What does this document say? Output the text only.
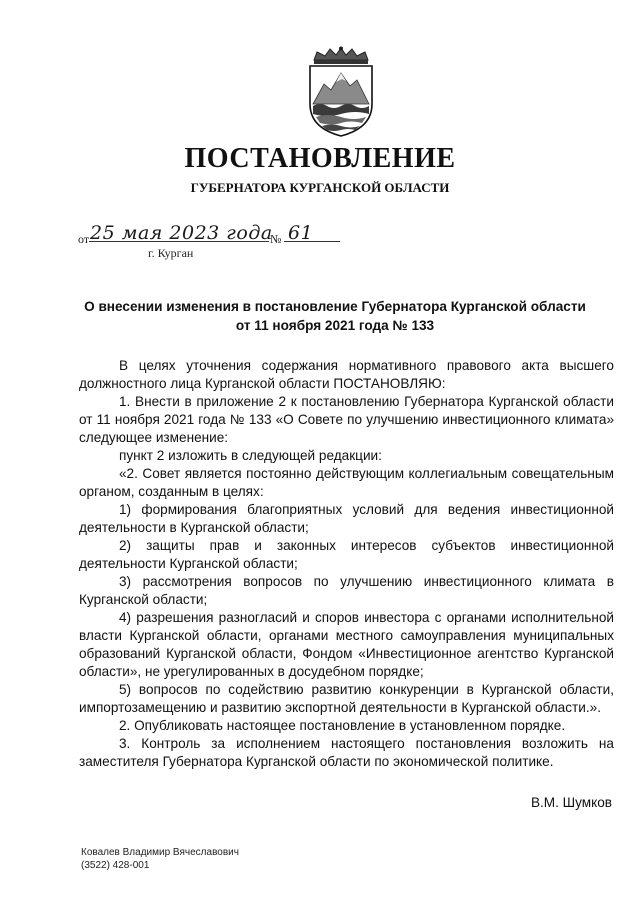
ПОСТАНОВЛЕНИЕ
ГУБЕРНАТОРА КУРГАНСКОЙ ОБЛАСТИ
от 25 мая 2023 года
№ 61
г. Курган
О внесении изменения в постановление Губернатора Курганской области
от 11 ноября 2021 года № 133

В целях уточнения содержания нормативного правового акта высшего должностного лица Курганской области ПОСТАНОВЛЯЮ:

1. Внести в приложение 2 к постановлению Губернатора Курганской области от 11 ноября 2021 года № 133 «О Совете по улучшению инвестиционного климата» следующее изменение:

пункт 2 изложить в следующей редакции:

«2. Совет является постоянно действующим коллегиальным совещательным органом, созданным в целях:

1) формирования благоприятных условий для ведения инвестиционной деятельности в Курганской области;

2) защиты прав и законных интересов субъектов инвестиционной деятельности Курганской области;

3) рассмотрения вопросов по улучшению инвестиционного климата в Курганской области;

4) разрешения разногласий и споров инвестора с органами исполнительной власти Курганской области, органами местного самоуправления муниципальных образований Курганской области, Фондом «Инвестиционное агентство Курганской области», не урегулированных в досудебном порядке;

5) вопросов по содействию развитию конкуренции в Курганской области, импортозамещению и развитию экспортной деятельности в Курганской области.».

2. Опубликовать настоящее постановление в установленном порядке.

3. Контроль за исполнением настоящего постановления возложить на заместителя Губернатора Курганской области по экономической политике.

В.М. Шумков
Ковалев Владимир Вячеславович
(3522) 428-001
